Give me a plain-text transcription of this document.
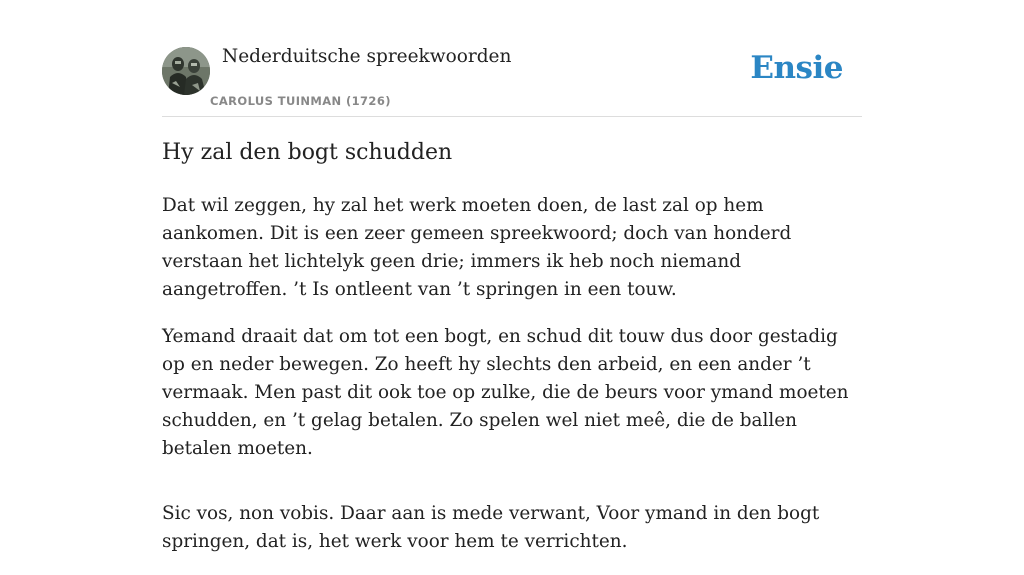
Nederduitsche spreekwoorden
CAROLUS TUINMAN (1726)
Ensie
Hy zal den bogt schudden

Dat wil zeggen, hy zal het werk moeten doen, de last zal op hem aankomen. Dit is een zeer gemeen spreekwoord; doch van honderd verstaan het lichtelyk geen drie; immers ik heb noch niemand aangetroffen. ’t Is ontleent van ’t springen in een touw.

Yemand draait dat om tot een bogt, en schud dit touw dus door gestadig op en neder bewegen. Zo heeft hy slechts den arbeid, en een ander ’t vermaak. Men past dit ook toe op zulke, die de beurs voor ymand moeten schudden, en ’t gelag betalen. Zo spelen wel niet meê, die de ballen betalen moeten.

Sic vos, non vobis. Daar aan is mede verwant, Voor ymand in den bogt springen, dat is, het werk voor hem te verrichten.
